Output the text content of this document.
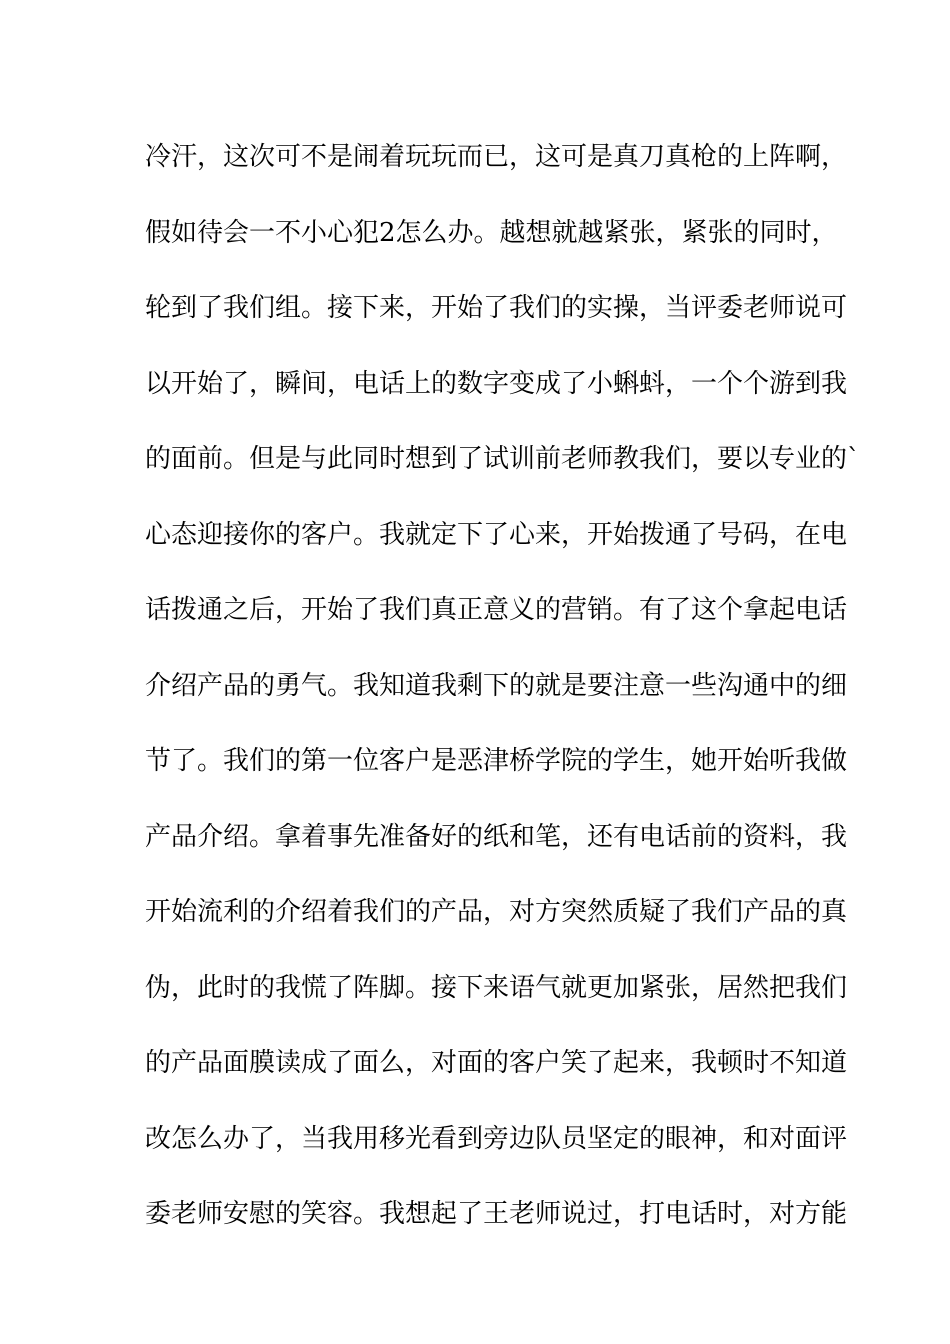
冷汗，这次可不是闹着玩玩而已，这可是真刀真枪的上阵啊，
假如待会一不小心犯2怎么办。越想就越紧张，紧张的同时，
轮到了我们组。接下来，开始了我们的实操，当评委老师说可
以开始了，瞬间，电话上的数字变成了小蝌蚪，一个个游到我
的面前。但是与此同时想到了试训前老师教我们，要以专业的`
心态迎接你的客户。我就定下了心来，开始拨通了号码，在电
话拨通之后，开始了我们真正意义的营销。有了这个拿起电话
介绍产品的勇气。我知道我剩下的就是要注意一些沟通中的细
节了。我们的第一位客户是恶津桥学院的学生，她开始听我做
产品介绍。拿着事先准备好的纸和笔，还有电话前的资料，我
开始流利的介绍着我们的产品，对方突然质疑了我们产品的真
伪，此时的我慌了阵脚。接下来语气就更加紧张，居然把我们
的产品面膜读成了面么，对面的客户笑了起来，我顿时不知道
改怎么办了，当我用移光看到旁边队员坚定的眼神，和对面评
委老师安慰的笑容。我想起了王老师说过，打电话时，对方能
